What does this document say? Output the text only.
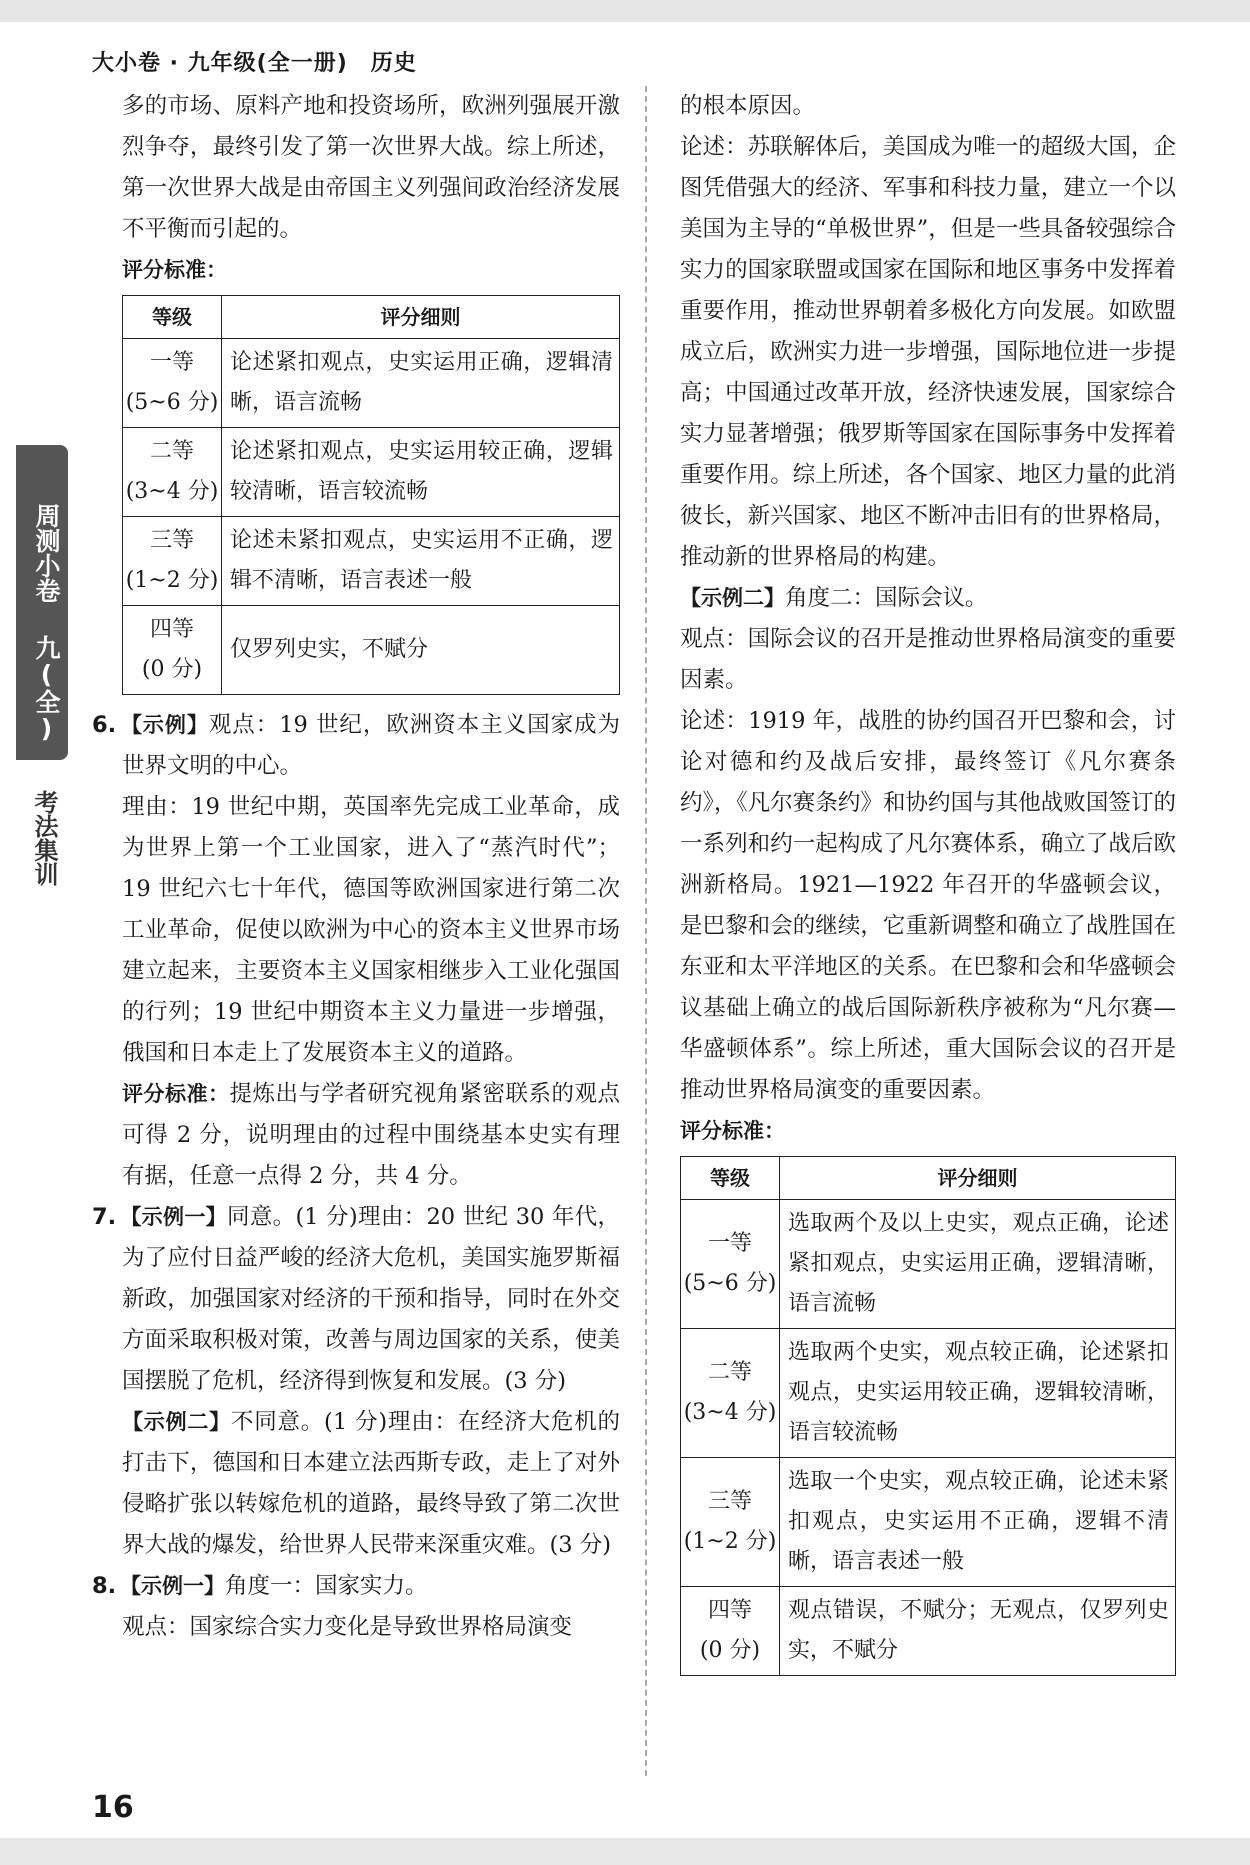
大小卷 · 九年级(全一册)　历史
「
周测小卷
九(全)
」
考法集训

多的市场、原料产地和投资场所，欧洲列强展开激烈争夺，最终引发了第一次世界大战。综上所述，第一次世界大战是由帝国主义列强间政治经济发展不平衡而引起的。

评分标准：

等级	评分细则
一等
(5~6 分)	论述紧扣观点，史实运用正确，逻辑清晰，语言流畅
二等
(3~4 分)	论述紧扣观点，史实运用较正确，逻辑较清晰，语言较流畅
三等
(1~2 分)	论述未紧扣观点，史实运用不正确，逻辑不清晰，语言表述一般
四等
(0 分)	仅罗列史实，不赋分

6. 【示例】观点：19 世纪，欧洲资本主义国家成为世界文明的中心。

理由：19 世纪中期，英国率先完成工业革命，成为世界上第一个工业国家，进入了“蒸汽时代”；19 世纪六七十年代，德国等欧洲国家进行第二次工业革命，促使以欧洲为中心的资本主义世界市场建立起来，主要资本主义国家相继步入工业化强国的行列；19 世纪中期资本主义力量进一步增强，俄国和日本走上了发展资本主义的道路。

评分标准：提炼出与学者研究视角紧密联系的观点可得 2 分，说明理由的过程中围绕基本史实有理有据，任意一点得 2 分，共 4 分。

7. 【示例一】同意。(1 分)理由：20 世纪 30 年代，为了应付日益严峻的经济大危机，美国实施罗斯福新政，加强国家对经济的干预和指导，同时在外交方面采取积极对策，改善与周边国家的关系，使美国摆脱了危机，经济得到恢复和发展。(3 分)

【示例二】不同意。(1 分)理由：在经济大危机的打击下，德国和日本建立法西斯专政，走上了对外侵略扩张以转嫁危机的道路，最终导致了第二次世界大战的爆发，给世界人民带来深重灾难。(3 分)

8. 【示例一】角度一：国家实力。

观点：国家综合实力变化是导致世界格局演变

的根本原因。

论述：苏联解体后，美国成为唯一的超级大国，企图凭借强大的经济、军事和科技力量，建立一个以美国为主导的“单极世界”，但是一些具备较强综合实力的国家联盟或国家在国际和地区事务中发挥着重要作用，推动世界朝着多极化方向发展。如欧盟成立后，欧洲实力进一步增强，国际地位进一步提高；中国通过改革开放，经济快速发展，国家综合实力显著增强；俄罗斯等国家在国际事务中发挥着重要作用。综上所述，各个国家、地区力量的此消彼长，新兴国家、地区不断冲击旧有的世界格局，推动新的世界格局的构建。

【示例二】角度二：国际会议。

观点：国际会议的召开是推动世界格局演变的重要因素。

论述：1919 年，战胜的协约国召开巴黎和会，讨论对德和约及战后安排，最终签订《凡尔赛条约》，《凡尔赛条约》和协约国与其他战败国签订的一系列和约一起构成了凡尔赛体系，确立了战后欧洲新格局。1921—1922 年召开的华盛顿会议，是巴黎和会的继续，它重新调整和确立了战胜国在东亚和太平洋地区的关系。在巴黎和会和华盛顿会议基础上确立的战后国际新秩序被称为“凡尔赛—华盛顿体系”。综上所述，重大国际会议的召开是推动世界格局演变的重要因素。

评分标准：

等级	评分细则
一等
(5~6 分)	选取两个及以上史实，观点正确，论述紧扣观点，史实运用正确，逻辑清晰，语言流畅
二等
(3~4 分)	选取两个史实，观点较正确，论述紧扣观点，史实运用较正确，逻辑较清晰，语言较流畅
三等
(1~2 分)	选取一个史实，观点较正确，论述未紧扣观点，史实运用不正确，逻辑不清晰，语言表述一般
四等
(0 分)	观点错误，不赋分；无观点，仅罗列史实，不赋分
16
